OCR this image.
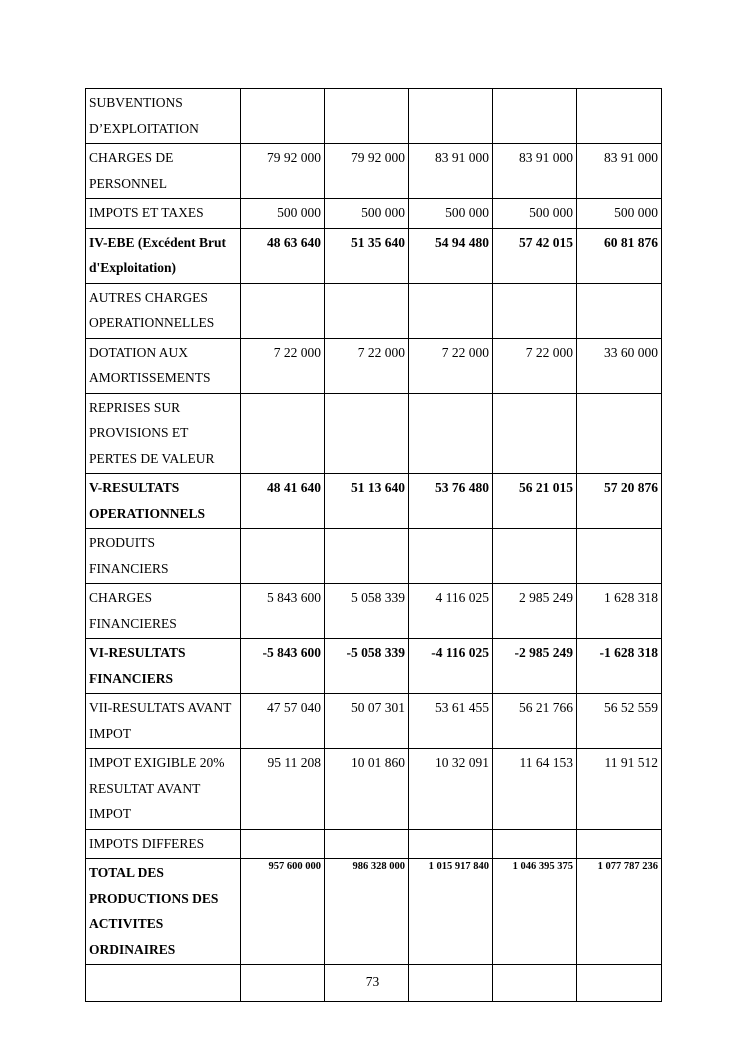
SUBVENTIONS D’EXPLOITATION					
CHARGES DE PERSONNEL	79 92 000	79 92 000	83 91 000	83 91 000	83 91 000
IMPOTS ET TAXES	500 000	500 000	500 000	500 000	500 000
IV-EBE (Excédent Brut d'Exploitation)	48 63 640	51 35 640	54 94 480	57 42 015	60 81 876
AUTRES CHARGES OPERATIONNELLES					
DOTATION AUX AMORTISSEMENTS	7 22 000	7 22 000	7 22 000	7 22 000	33 60 000
REPRISES SUR PROVISIONS ET PERTES DE VALEUR					
V-RESULTATS OPERATIONNELS	48 41 640	51 13 640	53 76 480	56 21 015	57 20 876
PRODUITS FINANCIERS					
CHARGES FINANCIERES	5 843 600	5 058 339	4 116 025	2 985 249	1 628 318
VI-RESULTATS FINANCIERS	-5 843 600	-5 058 339	-4 116 025	-2 985 249	-1 628 318
VII-RESULTATS AVANT IMPOT	47 57 040	50 07 301	53 61 455	56 21 766	56 52 559
IMPOT EXIGIBLE 20% RESULTAT AVANT IMPOT	95 11 208	10 01 860	10 32 091	11 64 153	11 91 512
IMPOTS DIFFERES					
TOTAL DES PRODUCTIONS DES ACTIVITES ORDINAIRES	957 600 000	986 328 000	1 015 917 840	1 046 395 375	1 077 787 236

73
